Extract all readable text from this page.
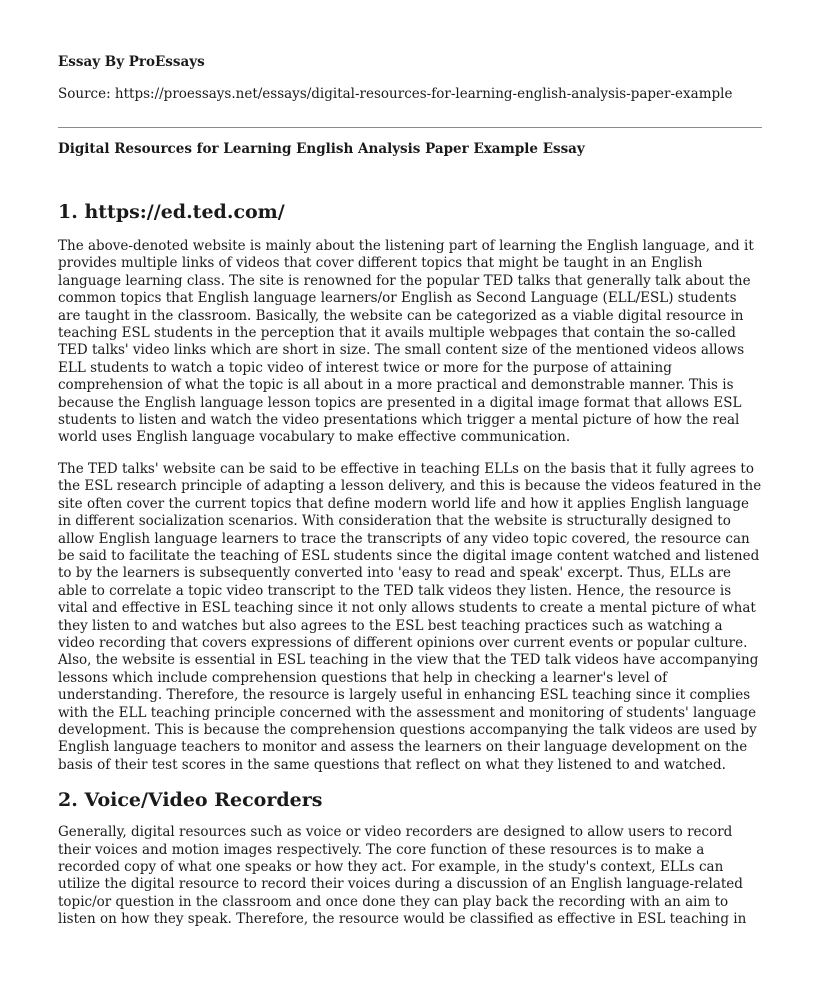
Essay By ProEssays
Source: https://proessays.net/essays/digital-resources-for-learning-english-analysis-paper-example
Digital Resources for Learning English Analysis Paper Example Essay
1. https://ed.ted.com/

The above-denoted website is mainly about the listening part of learning the English language, and it provides multiple links of videos that cover different topics that might be taught in an English language learning class. The site is renowned for the popular TED talks that generally talk about the common topics that English language learners/or English as Second Language (ELL/ESL) students are taught in the classroom. Basically, the website can be categorized as a viable digital resource in teaching ESL students in the perception that it avails multiple webpages that contain the so-called TED talks' video links which are short in size. The small content size of the mentioned videos allows ELL students to watch a topic video of interest twice or more for the purpose of attaining comprehension of what the topic is all about in a more practical and demonstrable manner. This is because the English language lesson topics are presented in a digital image format that allows ESL students to listen and watch the video presentations which trigger a mental picture of how the real world uses English language vocabulary to make effective communication.

The TED talks' website can be said to be effective in teaching ELLs on the basis that it fully agrees to the ESL research principle of adapting a lesson delivery, and this is because the videos featured in the site often cover the current topics that define modern world life and how it applies English language in different socialization scenarios. With consideration that the website is structurally designed to allow English language learners to trace the transcripts of any video topic covered, the resource can be said to facilitate the teaching of ESL students since the digital image content watched and listened to by the learners is subsequently converted into 'easy to read and speak' excerpt. Thus, ELLs are able to correlate a topic video transcript to the TED talk videos they listen. Hence, the resource is vital and effective in ESL teaching since it not only allows students to create a mental picture of what they listen to and watches but also agrees to the ESL best teaching practices such as watching a video recording that covers expressions of different opinions over current events or popular culture. Also, the website is essential in ESL teaching in the view that the TED talk videos have accompanying lessons which include comprehension questions that help in checking a learner's level of understanding. Therefore, the resource is largely useful in enhancing ESL teaching since it complies with the ELL teaching principle concerned with the assessment and monitoring of students' language development. This is because the comprehension questions accompanying the talk videos are used by English language teachers to monitor and assess the learners on their language development on the basis of their test scores in the same questions that reflect on what they listened to and watched.

2. Voice/Video Recorders

Generally, digital resources such as voice or video recorders are designed to allow users to record their voices and motion images respectively. The core function of these resources is to make a recorded copy of what one speaks or how they act. For example, in the study's context, ELLs can utilize the digital resource to record their voices during a discussion of an English language-related topic/or question in the classroom and once done they can play back the recording with an aim to listen on how they speak. Therefore, the resource would be classified as effective in ESL teaching in
